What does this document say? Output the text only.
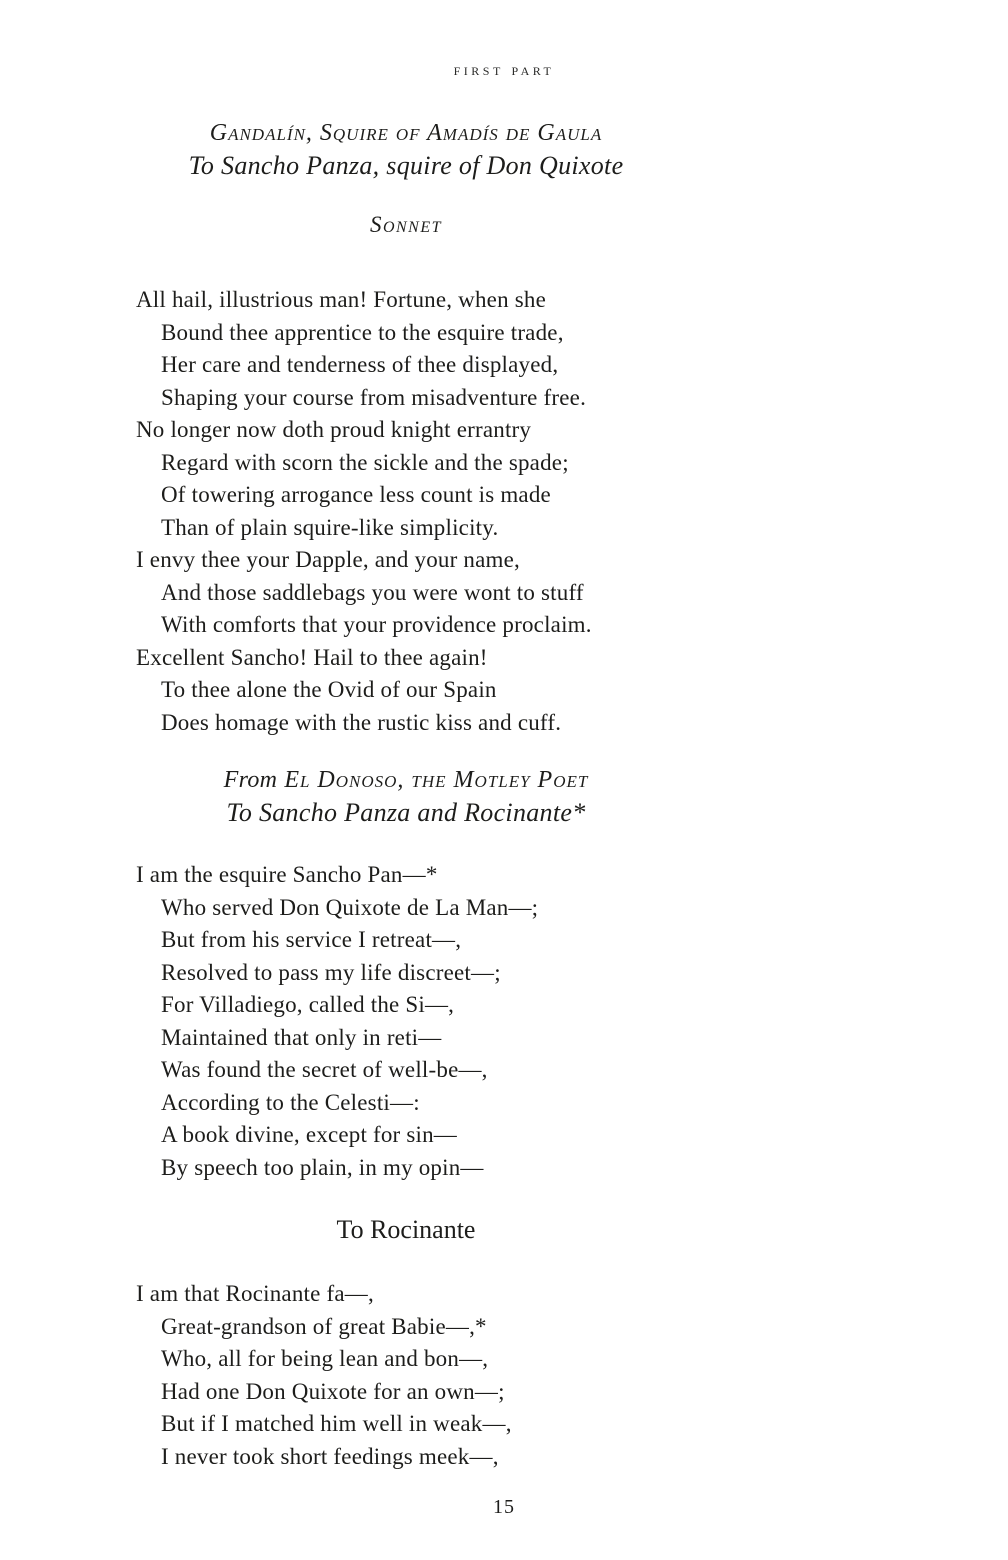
first part
Gandalín, Squire of Amadís de Gaula
To Sancho Panza, squire of Don Quixote
Sonnet
All hail, illustrious man! Fortune, when she
Bound thee apprentice to the esquire trade,
Her care and tenderness of thee displayed,
Shaping your course from misadventure free.
No longer now doth proud knight errantry
Regard with scorn the sickle and the spade;
Of towering arrogance less count is made
Than of plain squire-like simplicity.
I envy thee your Dapple, and your name,
And those saddlebags you were wont to stuff
With comforts that your providence proclaim.
Excellent Sancho! Hail to thee again!
To thee alone the Ovid of our Spain
Does homage with the rustic kiss and cuff.
From El Donoso, the Motley Poet
To Sancho Panza and Rocinante*
I am the esquire Sancho Pan—*
Who served Don Quixote de La Man—;
But from his service I retreat—,
Resolved to pass my life discreet—;
For Villadiego, called the Si—,
Maintained that only in reti—
Was found the secret of well-be—,
According to the Celesti—:
A book divine, except for sin—
By speech too plain, in my opin—
To Rocinante
I am that Rocinante fa—,
Great-grandson of great Babie—,*
Who, all for being lean and bon—,
Had one Don Quixote for an own—;
But if I matched him well in weak—,
I never took short feedings meek—,
15
